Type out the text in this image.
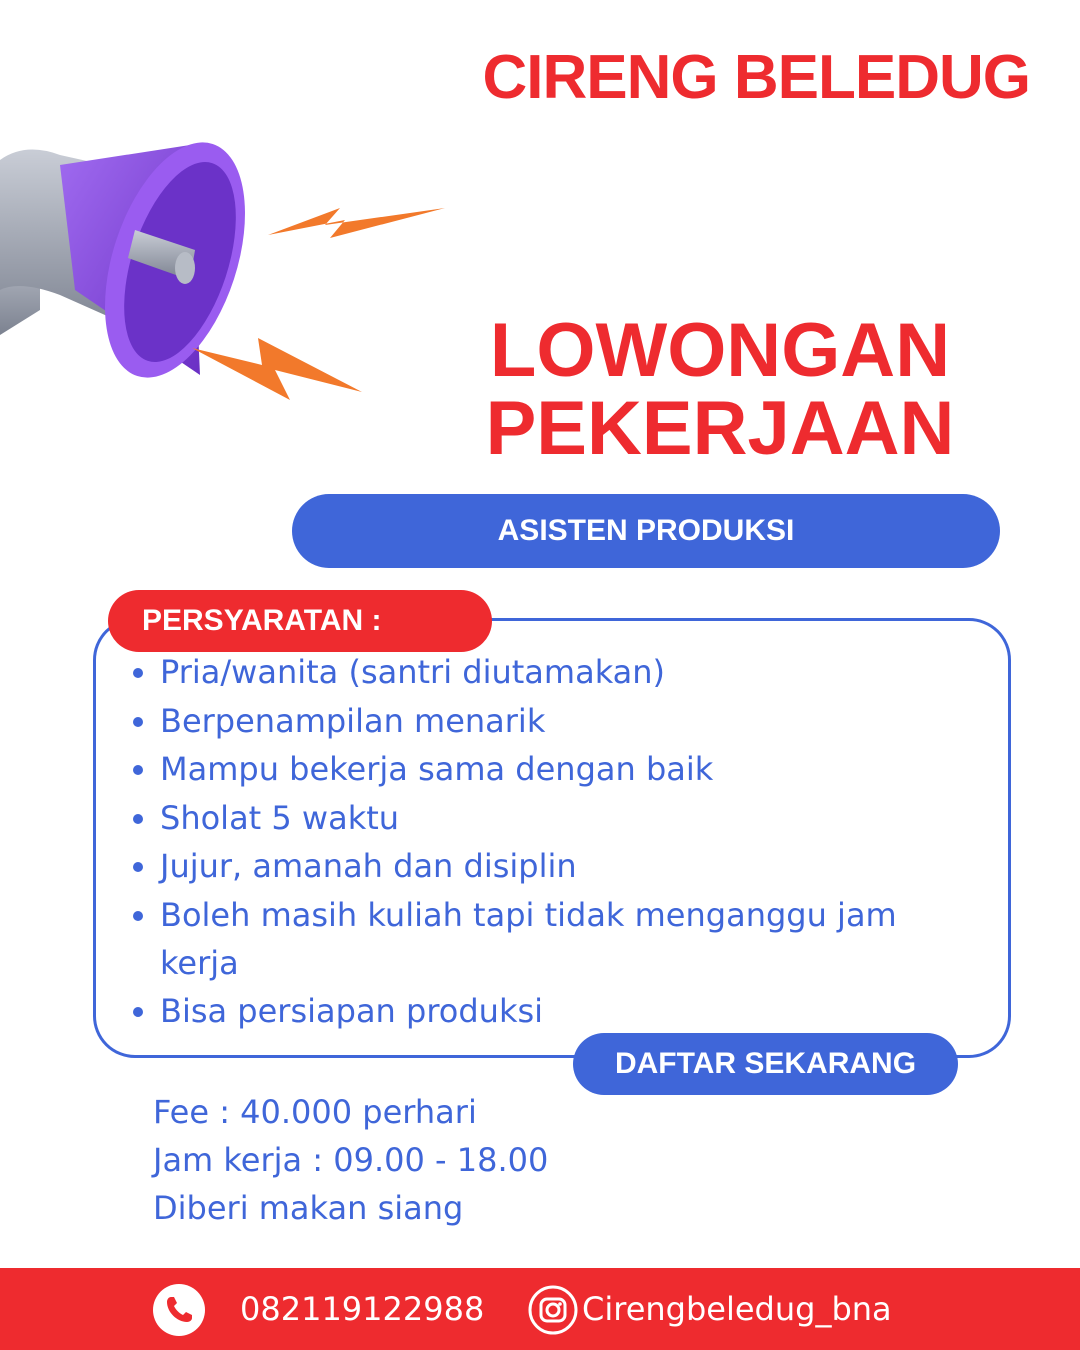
CIRENG BELEDUG
LOWONGAN
PEKERJAAN
ASISTEN PRODUKSI
PERSYARATAN :
Pria/wanita (santri diutamakan)
Berpenampilan menarik
Mampu bekerja sama dengan baik
Sholat 5 waktu
Jujur, amanah dan disiplin
Boleh masih kuliah tapi tidak menganggu jam kerja
Bisa persiapan produksi
DAFTAR SEKARANG
Fee : 40.000 perhari
Jam kerja : 09.00 - 18.00
Diberi makan siang
082119122988	Cirengbeledug_bna
